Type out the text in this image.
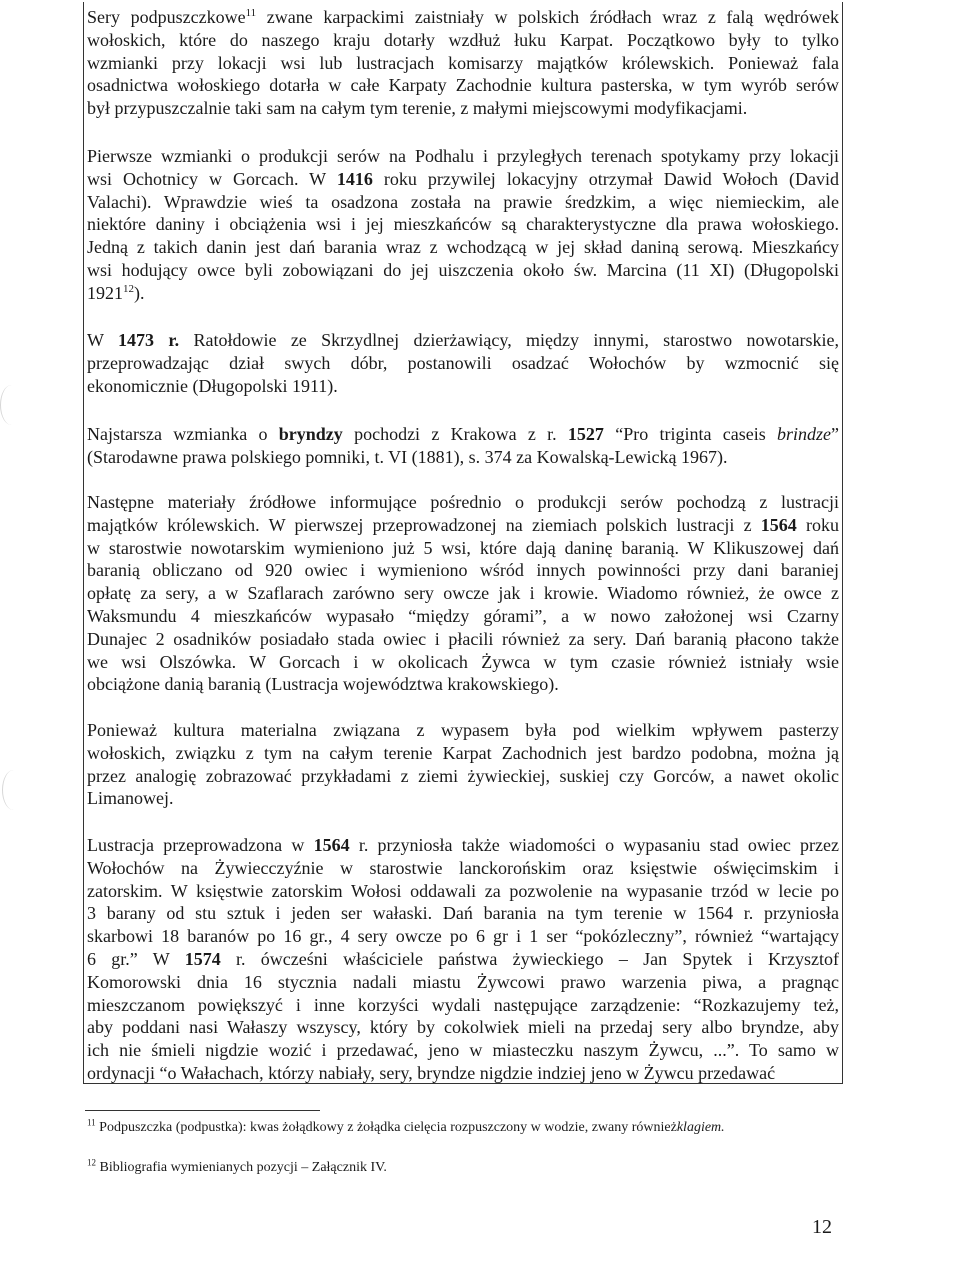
Sery podpuszczkowe$^{11}$ zwane karpackimi zaistniały w polskich źródłach wraz z falą wędrówek
wołoskich, które do naszego kraju dotarły wzdłuż łuku Karpat. Początkowo były to tylko
wzmianki przy lokacji wsi lub lustracjach komisarzy majątków królewskich. Ponieważ fala
osadnictwa wołoskiego dotarła w całe Karpaty Zachodnie kultura pasterska, w tym wyrób serów
był przypuszczalnie taki sam na całym tym terenie, z małymi miejscowymi modyfikacjami.
Pierwsze wzmianki o produkcji serów na Podhalu i przyległych terenach spotykamy przy lokacji
wsi Ochotnicy w Gorcach. W 1416 roku przywilej lokacyjny otrzymał Dawid Wołoch (David
Valachi). Wprawdzie wieś ta osadzona została na prawie średzkim, a więc niemieckim, ale
niektóre daniny i obciążenia wsi i jej mieszkańców są charakterystyczne dla prawa wołoskiego.
Jedną z takich danin jest dań barania wraz z wchodzącą w jej skład daniną serową. Mieszkańcy
wsi hodujący owce byli zobowiązani do jej uiszczenia około św. Marcina (11 XI) (Długopolski
1921$^{12}$).
W 1473 r. Ratołdowie ze Skrzydlnej dzierżawiący, między innymi, starostwo nowotarskie,
przeprowadzając dział swych dóbr, postanowili osadzać Wołochów by wzmocnić się
ekonomicznie (Długopolski 1911).
Najstarsza wzmianka o bryndzy pochodzi z Krakowa z r. 1527 “Pro triginta caseis brindze”
(Starodawne prawa polskiego pomniki, t. VI (1881), s. 374 za Kowalską-Lewicką 1967).
Następne materiały źródłowe informujące pośrednio o produkcji serów pochodzą z lustracji
majątków królewskich. W pierwszej przeprowadzonej na ziemiach polskich lustracji z 1564 roku
w starostwie nowotarskim wymieniono już 5 wsi, które dają daninę baranią. W Klikuszowej dań
baranią obliczano od 920 owiec i wymieniono wśród innych powinności przy dani baraniej
opłatę za sery, a w Szaflarach zarówno sery owcze jak i krowie. Wiadomo również, że owce z
Waksmundu 4 mieszkańców wypasało “między górami”, a w nowo założonej wsi Czarny
Dunajec 2 osadników posiadało stada owiec i płacili również za sery. Dań baranią płacono także
we wsi Olszówka. W Gorcach i w okolicach Żywca w tym czasie również istniały wsie
obciążone danią baranią (Lustracja województwa krakowskiego).
Ponieważ kultura materialna związana z wypasem była pod wielkim wpływem pasterzy
wołoskich, związku z tym na całym terenie Karpat Zachodnich jest bardzo podobna, można ją
przez analogię zobrazować przykładami z ziemi żywieckiej, suskiej czy Gorców, a nawet okolic
Limanowej.
Lustracja przeprowadzona w 1564 r. przyniosła także wiadomości o wypasaniu stad owiec przez
Wołochów na Żywiecczyźnie w starostwie lanckorońskim oraz księstwie oświęcimskim i
zatorskim. W księstwie zatorskim Wołosi oddawali za pozwolenie na wypasanie trzód w lecie po
3 barany od stu sztuk i jeden ser wałaski. Dań barania na tym terenie w 1564 r. przyniosła
skarbowi 18 baranów po 16 gr., 4 sery owcze po 6 gr i 1 ser “pokózleczny”, również “wartający
6 gr.” W 1574 r. ówcześni właściciele państwa żywieckiego – Jan Spytek i Krzysztof
Komorowski dnia 16 stycznia nadali miastu Żywcowi prawo warzenia piwa, a pragnąc
mieszczanom powiększyć i inne korzyści wydali następujące zarządzenie: “Rozkazujemy też,
aby poddani nasi Wałaszy wszyscy, który by cokolwiek mieli na przedaj sery albo bryndze, aby
ich nie śmieli nigdzie wozić i przedawać, jeno w miasteczku naszym Żywcu, ...”. To samo w
ordynacji “o Wałachach, którzy nabiały, sery, bryndze nigdzie indziej jeno w Żywcu przedawać
$^{11}$ Podpuszczka (podpustka): kwas żołądkowy z żołądka cielęcia rozpuszczony w wodzie, zwany równieżklagiem.
$^{12}$ Bibliografia wymienianych pozycji – Załącznik IV.
12
